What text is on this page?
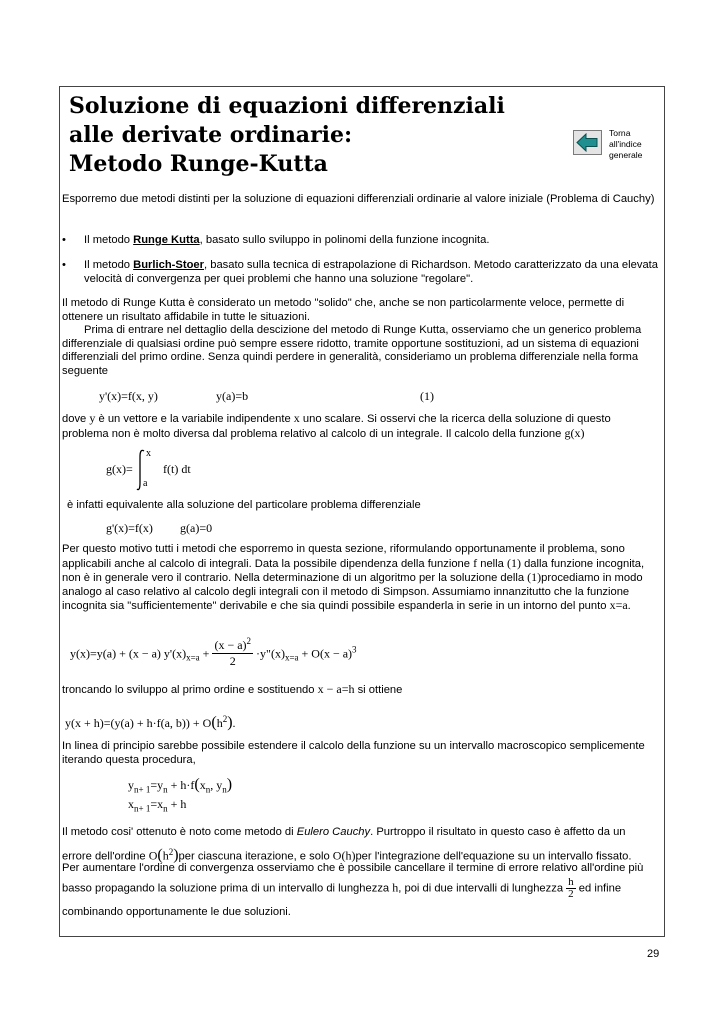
Soluzione di equazioni differenziali
alle derivate ordinarie:
Metodo Runge-Kutta
Torna
all'indice
generale

Esporremo due metodi distinti per la soluzione di equazioni differenziali ordinarie al valore iniziale (Problema di Cauchy)

• Il metodo Runge Kutta, basato sullo sviluppo in polinomi della funzione incognita.
• Il metodo Burlich-Stoer, basato sulla tecnica di estrapolazione di Richardson. Metodo caratterizzato da una elevata velocità di convergenza per quei problemi che hanno una soluzione "regolare".

Il metodo di Runge Kutta è considerato un metodo "solido" che, anche se non particolarmente veloce, permette di ottenere un risultato affidabile in tutte le situazioni.

Prima di entrare nel dettaglio della descizione del metodo di Runge Kutta, osserviamo che un generico problema differenziale di qualsiasi ordine può sempre essere ridotto, tramite opportune sostituzioni, ad un sistema di equazioni differenziali del primo ordine. Senza quindi perdere in generalità, consideriamo un problema differenziale nella forma seguente

y'(x)=f(x, y)	y(a)=b	(1)

dove y è un vettore e la variabile indipendente x uno scalare. Si osservi che la ricerca della soluzione di questo problema non è molto diversa dal problema relativo al calcolo di un integrale. Il calcolo della funzione g(x)

g(x)=
x
a
f(t) dt

è infatti equivalente alla soluzione del particolare problema differenziale

g'(x)=f(x) g(a)=0

Per questo motivo tutti i metodi che esporremo in questa sezione, riformulando opportunamente il problema, sono applicabili anche al calcolo di integrali. Data la possibile dipendenza della funzione f nella (1) dalla funzione incognita, non è in generale vero il contrario. Nella determinazione di un algoritmo per la soluzione della (1)procediamo in modo analogo al caso relativo al calcolo degli integrali con il metodo di Simpson. Assumiamo innanzitutto che la funzione incognita sia "sufficientemente" derivabile e che sia quindi possibile espanderla in serie in un intorno del punto x=a.

y(x)=y(a) + (x − a) $y'(x)_{x=a} + \frac{(x - a)^2}{2}$ $\cdot y"(x)_{x=a} + O(x - a)^3$

troncando lo sviluppo al primo ordine e sostituendo x − a=h si ottiene

y(x + h)=(y(a) + h·f(a, $b)) + O(h^2)$.

In linea di principio sarebbe possibile estendere il calcolo della funzione su un intervallo macroscopico semplicemente iterando questa procedura,

$y_{n+ 1}=y_n + h\cdot f(x_n$, $y_n$)
$x_{n+ 1}=x_n + h$

Il metodo cosi' ottenuto è noto come metodo di Eulero Cauchy. Purtroppo il risultato in questo caso è affetto da un

errore dell'ordine $O(h^2)per$ ciascuna iterazione, e solo O(h)per l'integrazione dell'equazione su un intervallo fissato.

Per aumentare l'ordine di convergenza osserviamo che è possibile cancellare il termine di errore relativo all'ordine più

basso propagando la soluzione prima di un intervallo di lunghezza h, poi di due intervalli di lunghezza $\frac{h}{2}$ ed infine

combinando opportunamente le due soluzioni.

29
